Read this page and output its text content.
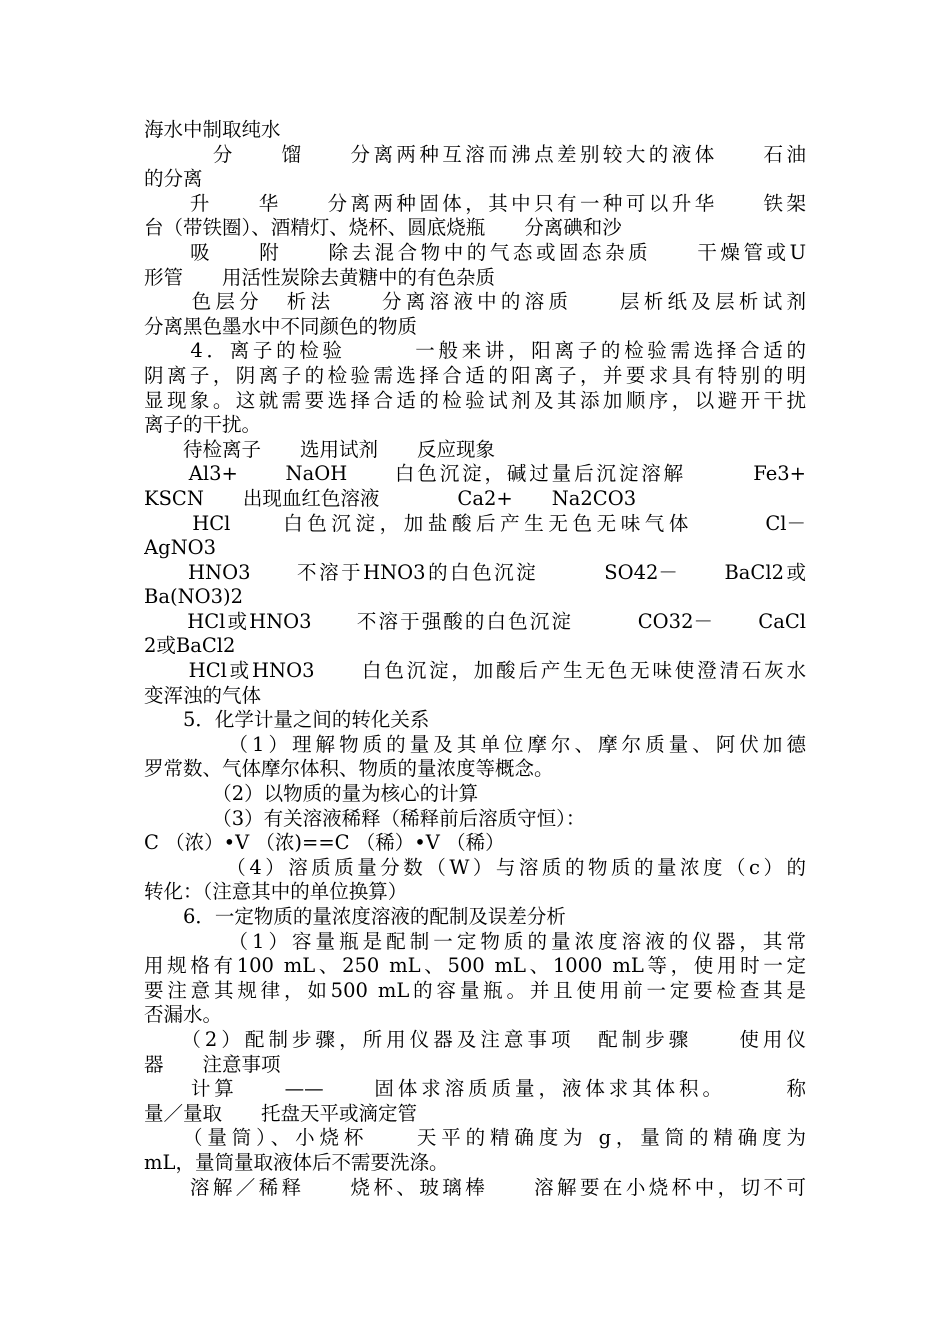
海水中制取纯水
　　　分　　馏　　分离两种互溶而沸点差别较大的液体　　石油
的分离
　　升　　华　　分离两种固体，其中只有一种可以升华　　铁架
台（带铁圈）、酒精灯、烧杯、圆底烧瓶　　分离碘和沙
　　吸　　附　　除去混合物中的气态或固态杂质　　干燥管或U
形管　　用活性炭除去黄糖中的有色杂质
　　色层分　析法　　分离溶液中的溶质　　层析纸及层析试剂
分离黑色墨水中不同颜色的物质
　　4．离子的检验　　　一般来讲，阳离子的检验需选择合适的
阴离子，阴离子的检验需选择合适的阳离子，并要求具有特别的明
显现象。这就需要选择合适的检验试剂及其添加顺序，以避开干扰
离子的干扰。
　　待检离子　　选用试剂　　反应现象
　　Al3+　　NaOH　　白色沉淀，碱过量后沉淀溶解　　　Fe3+
KSCN　　出现血红色溶液　　　　Ca2+　　Na2CO3
　　HCl　　白色沉淀，加盐酸后产生无色无味气体　　　Cl－
AgNO3
　　HNO3　　不溶于HNO3的白色沉淀　　　SO42－　　BaCl2或
Ba(NO3)2
　　HCl或HNO3　　不溶于强酸的白色沉淀　　　CO32－　　CaCl
2或BaCl2
　　HCl或HNO3　　白色沉淀，加酸后产生无色无味使澄清石灰水
变浑浊的气体
　　5．化学计量之间的转化关系
　　　　（1）理解物质的量及其单位摩尔、摩尔质量、阿伏加德
罗常数、气体摩尔体积、物质的量浓度等概念。
　　　　（2）以物质的量为核心的计算
　　　　（3）有关溶液稀释（稀释前后溶质守恒）：
C （浓）•V （浓)==C （稀）•V （稀）
　　　　（4）溶质质量分数（W）与溶质的物质的量浓度（c）的
转化：（注意其中的单位换算）
　　6．一定物质的量浓度溶液的配制及误差分析
　　　　（1）容量瓶是配制一定物质的量浓度溶液的仪器，其常
用规格有100 mL、250 mL、500 mL、1000 mL等，使用时一定
要注意其规律，如500 mL的容量瓶。并且使用前一定要检查其是
否漏水。
　　（2）配制步骤，所用仪器及注意事项　配制步骤　　使用仪
器　　注意事项
　　计算　　——　　固体求溶质质量，液体求其体积。　　　称
量／量取　　托盘天平或滴定管
　　（量筒）、小烧杯　　天平的精确度为 g，量筒的精确度为
mL，量筒量取液体后不需要洗涤。
　　溶解／稀释　　烧杯、玻璃棒　　溶解要在小烧杯中，切不可
